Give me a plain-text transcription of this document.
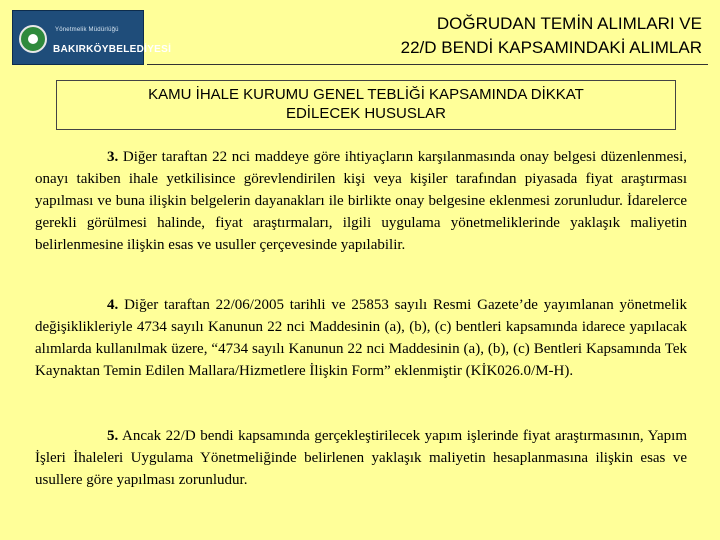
Yönetmelik Müdürlüğü
BAKIRKÖYBELEDİYESİ
DOĞRUDAN TEMİN ALIMLARI VE
22/D BENDİ KAPSAMINDAKİ ALIMLAR
KAMU İHALE KURUMU GENEL TEBLİĞİ KAPSAMINDA DİKKAT
EDİLECEK HUSUSLAR

3. Diğer taraftan 22 nci maddeye göre ihtiyaçların karşılanmasında onay belgesi düzenlenmesi, onayı takiben ihale yetkilisince görevlendirilen kişi veya kişiler tarafından piyasada fiyat araştırması yapılması ve buna ilişkin belgelerin dayanakları ile birlikte onay belgesine eklenmesi zorunludur. İdarelerce gerekli görülmesi halinde, fiyat araştırmaları, ilgili uygulama yönetmeliklerinde yaklaşık maliyetin belirlenmesine ilişkin esas ve usuller çerçevesinde yapılabilir.

4. Diğer taraftan 22/06/2005 tarihli ve 25853 sayılı Resmi Gazete’de yayımlanan yönetmelik değişiklikleriyle 4734 sayılı Kanunun 22 nci Maddesinin (a), (b), (c) bentleri kapsamında idarece yapılacak alımlarda kullanılmak üzere, “4734 sayılı Kanunun 22 nci Maddesinin (a), (b), (c) Bentleri Kapsamında Tek Kaynaktan Temin Edilen Mallara/Hizmetlere İlişkin Form” eklenmiştir (KİK026.0/M-H).

5. Ancak 22/D bendi kapsamında gerçekleştirilecek yapım işlerinde fiyat araştırmasının, Yapım İşleri İhaleleri Uygulama Yönetmeliğinde belirlenen yaklaşık maliyetin hesaplanmasına ilişkin esas ve usullere göre yapılması zorunludur.
